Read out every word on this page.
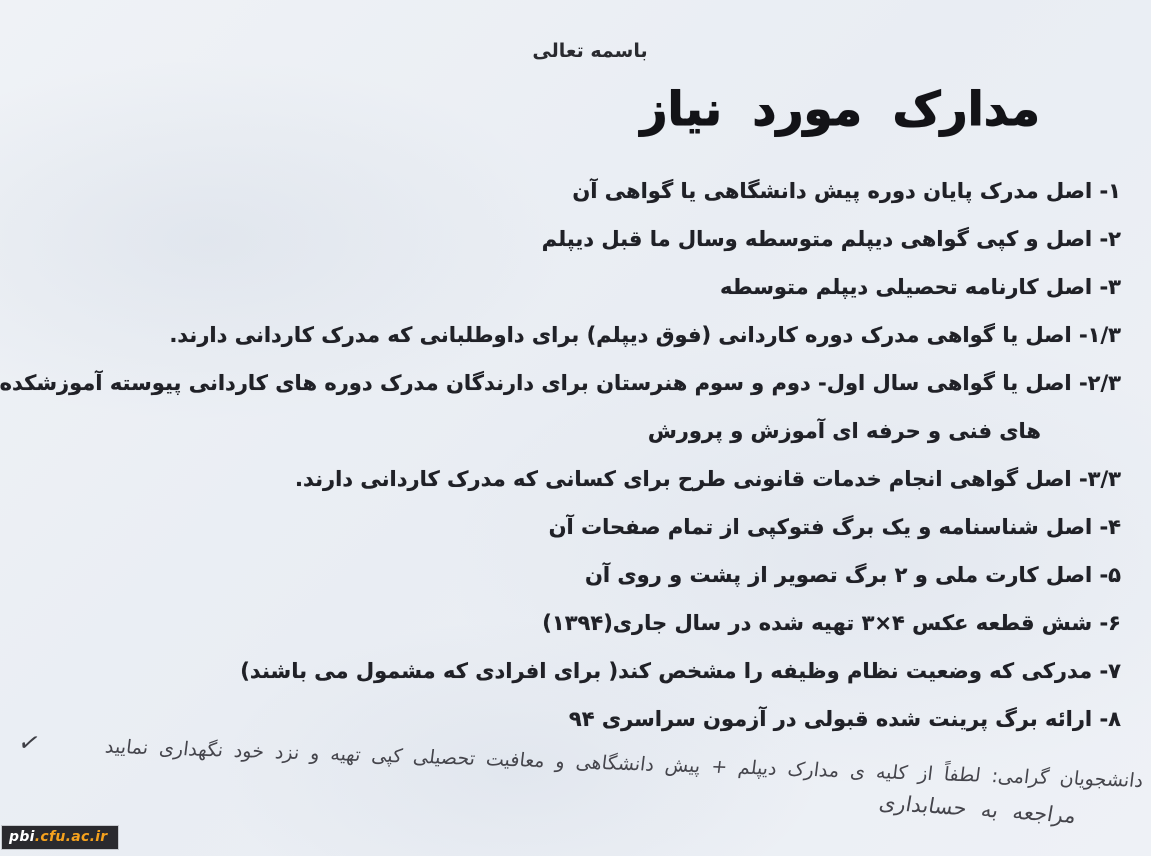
باسمه تعالی
مدارک مورد نیاز
۱- اصل مدرک پایان دوره پیش دانشگاهی یا گواهی آن
۲- اصل و کپی گواهی دیپلم متوسطه وسال ما قبل دیپلم
۳- اصل کارنامه تحصیلی دیپلم متوسطه
۳‏/‏۱- اصل یا گواهی مدرک دوره کاردانی (فوق دیپلم) برای داوطلبانی که مدرک کاردانی دارند.
۳‏/‏۲- اصل یا گواهی سال اول- دوم و سوم هنرستان برای دارندگان مدرک دوره های کاردانی پیوسته آموزشکده
های فنی و حرفه ای آموزش و پرورش
۳‏/‏۳- اصل گواهی انجام خدمات قانونی طرح برای کسانی که مدرک کاردانی دارند.
۴- اصل شناسنامه و یک برگ فتوکپی از تمام صفحات آن
۵- اصل کارت ملی و ۲ برگ تصویر از پشت و روی آن
۶- شش قطعه عکس ۴×۳ تهیه شده در سال جاری(۱۳۹۴)
۷- مدرکی که وضعیت نظام وظیفه را مشخص کند( برای افرادی که مشمول می باشند)
۸- ارائه برگ پرینت شده قبولی در آزمون سراسری ۹۴
دانشجویان گرامی: لطفاً از کلیه ی مدارک دیپلم + پیش دانشگاهی و معافیت تحصیلی کپی تهیه و نزد خود نگهداری نمایید
✓
مراجعه به حسابداری
pbi.cfu.ac.ir
